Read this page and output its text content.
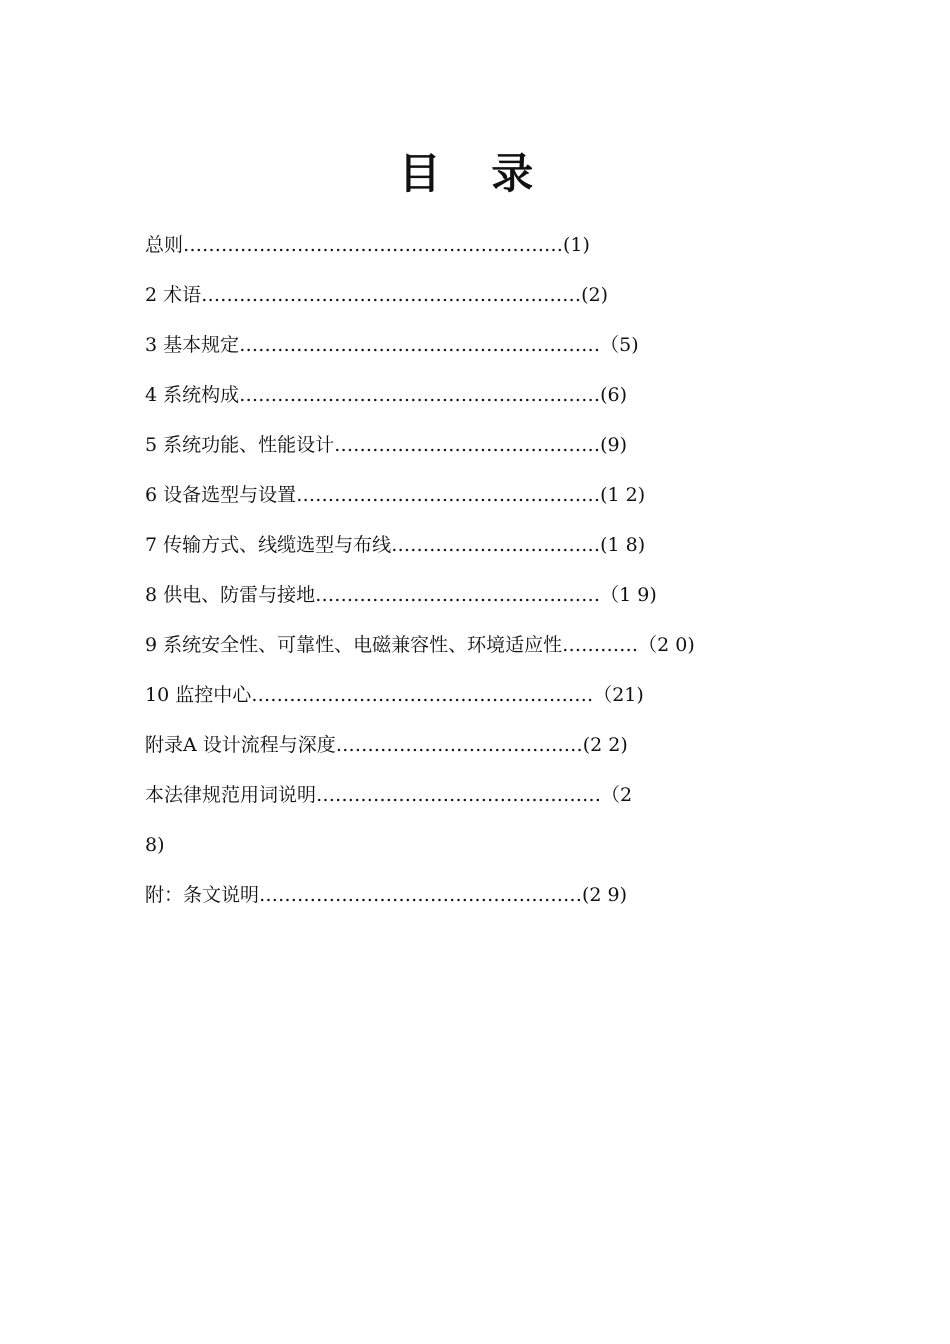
目 录
总则……………………………………………………(1)
2 术语……………………………………………………(2)
3 基本规定…………………………………………………（5)
4 系统构成…………………………………………………(6)
5 系统功能、性能设计……………………………………(9)
6 设备选型与设置…………………………………………(1 2)
7 传输方式、线缆选型与布线……………………………(1 8)
8 供电、防雷与接地………………………………………（1 9)
9 系统安全性、可靠性、电磁兼容性、环境适应性…………（2 0)
10 监控中心………………………………………………（21)
附录A 设计流程与深度…………………………………(2 2)
本法律规范用词说明………………………………………（2
8)
附：条文说明……………………………………………(2 9)
